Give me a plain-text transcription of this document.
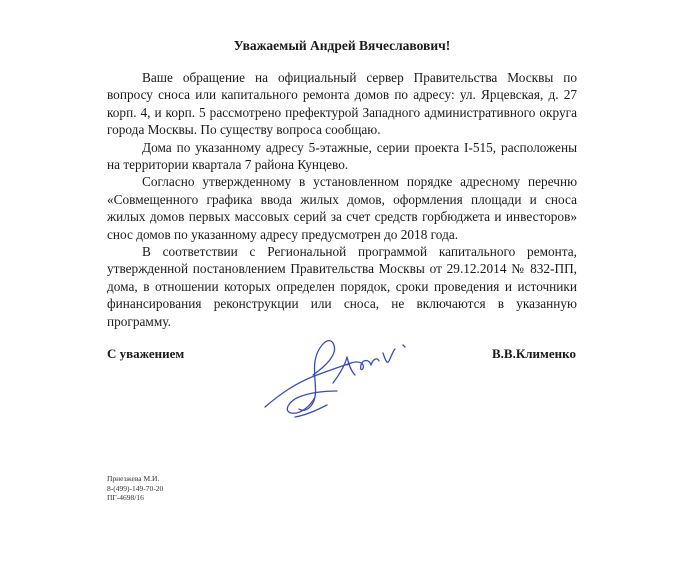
Уважаемый Андрей Вячеславович!

Ваше обращение на официальный сервер Правительства Москвы по вопросу сноса или капитального ремонта домов по адресу: ул. Ярцевская, д. 27 корп. 4, и корп. 5 рассмотрено префектурой Западного административного округа города Москвы. По существу вопроса сообщаю.

Дома по указанному адресу 5-этажные, серии проекта I-515, расположены на территории квартала 7 района Кунцево.

Согласно утвержденному в установленном порядке адресному перечню «Совмещенного графика ввода жилых домов, оформления площади и сноса жилых домов первых массовых серий за счет средств горбюджета и инвесторов» снос домов по указанному адресу предусмотрен до 2018 года.

В соответствии с Региональной программой капитального ремонта, утвержденной постановлением Правительства Москвы от 29.12.2014 № 832-ПП, дома, в отношении которых определен порядок, сроки проведения и источники финансирования реконструкции или сноса, не включаются в указанную программу.

С уважением	В.В.Клименко
Приезжева М.И.
8-(499)-149-70-20
ПГ-4698/16
